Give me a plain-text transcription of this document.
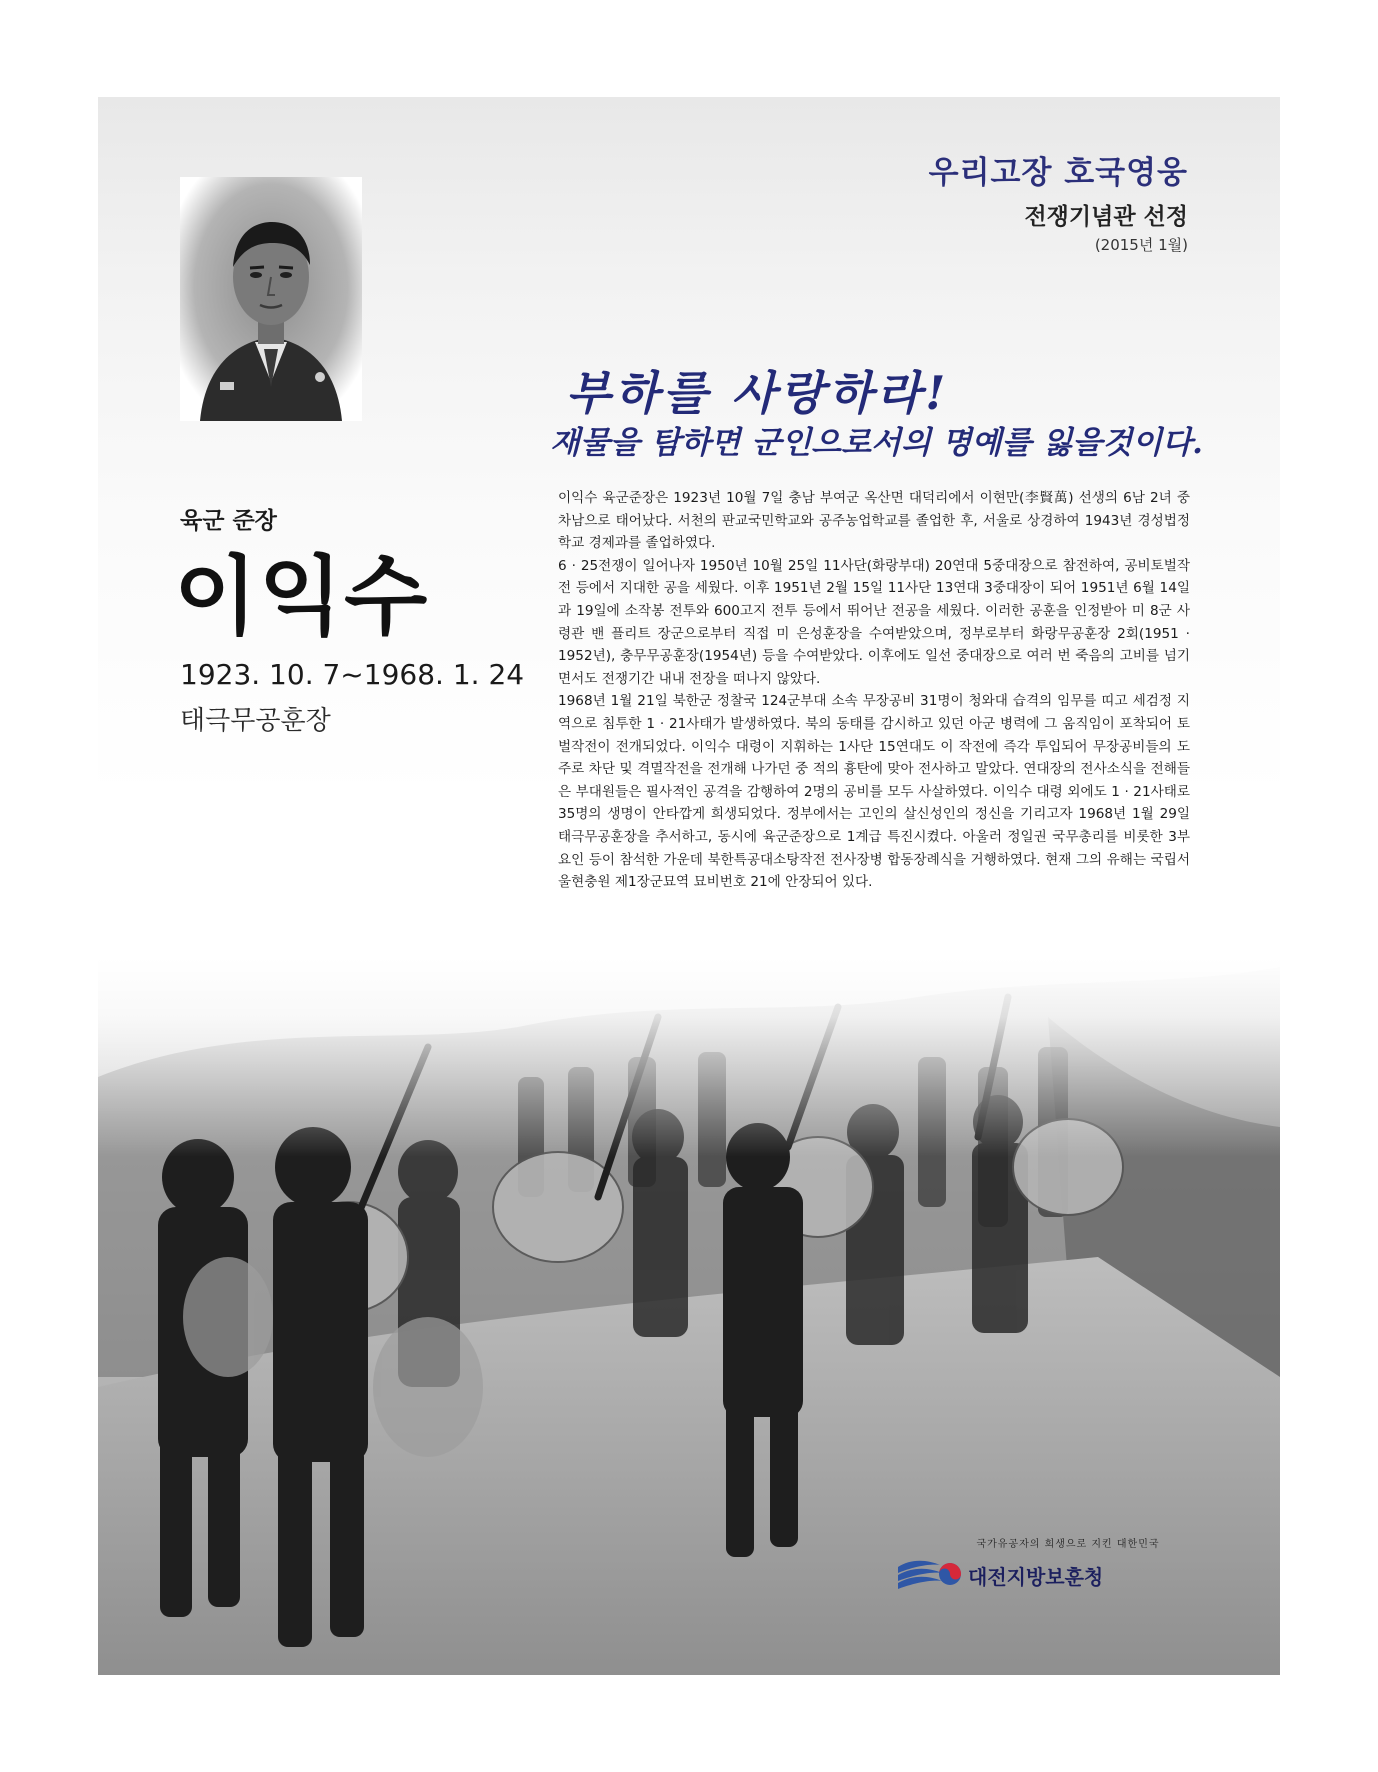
우리고장 호국영웅
전쟁기념관 선정
(2015년 1월)
육군 준장
이익수
1923. 10. 7~1968. 1. 24
태극무공훈장
부하를 사랑하라!
재물을 탐하면 군인으로서의 명예를 잃을것이다.

이익수 육군준장은 1923년 10월 7일 충남 부여군 옥산면 대덕리에서 이현만(李賢萬) 선생의 6남 2녀 중 차남으로 태어났다. 서천의 판교국민학교와 공주농업학교를 졸업한 후, 서울로 상경하여 1943년 경성법정학교 경제과를 졸업하였다.

6 · 25전쟁이 일어나자 1950년 10월 25일 11사단(화랑부대) 20연대 5중대장으로 참전하여, 공비토벌작전 등에서 지대한 공을 세웠다. 이후 1951년 2월 15일 11사단 13연대 3중대장이 되어 1951년 6월 14일과 19일에 소작봉 전투와 600고지 전투 등에서 뛰어난 전공을 세웠다. 이러한 공훈을 인정받아 미 8군 사령관 밴 플리트 장군으로부터 직접 미 은성훈장을 수여받았으며, 정부로부터 화랑무공훈장 2회(1951 · 1952년), 충무무공훈장(1954년) 등을 수여받았다. 이후에도 일선 중대장으로 여러 번 죽음의 고비를 넘기면서도 전쟁기간 내내 전장을 떠나지 않았다.

1968년 1월 21일 북한군 정찰국 124군부대 소속 무장공비 31명이 청와대 습격의 임무를 띠고 세검정 지역으로 침투한 1 · 21사태가 발생하였다. 북의 동태를 감시하고 있던 아군 병력에 그 움직임이 포착되어 토벌작전이 전개되었다. 이익수 대령이 지휘하는 1사단 15연대도 이 작전에 즉각 투입되어 무장공비들의 도주로 차단 및 격멸작전을 전개해 나가던 중 적의 흉탄에 맞아 전사하고 말았다. 연대장의 전사소식을 전해들은 부대원들은 필사적인 공격을 감행하여 2명의 공비를 모두 사살하였다. 이익수 대령 외에도 1 · 21사태로 35명의 생명이 안타깝게 희생되었다. 정부에서는 고인의 살신성인의 정신을 기리고자 1968년 1월 29일 태극무공훈장을 추서하고, 동시에 육군준장으로 1계급 특진시켰다. 아울러 정일권 국무총리를 비롯한 3부요인 등이 참석한 가운데 북한특공대소탕작전 전사장병 합동장례식을 거행하였다. 현재 그의 유해는 국립서울현충원 제1장군묘역 묘비번호 21에 안장되어 있다.

국가유공자의 희생으로 지킨 대한민국
대전지방보훈청
